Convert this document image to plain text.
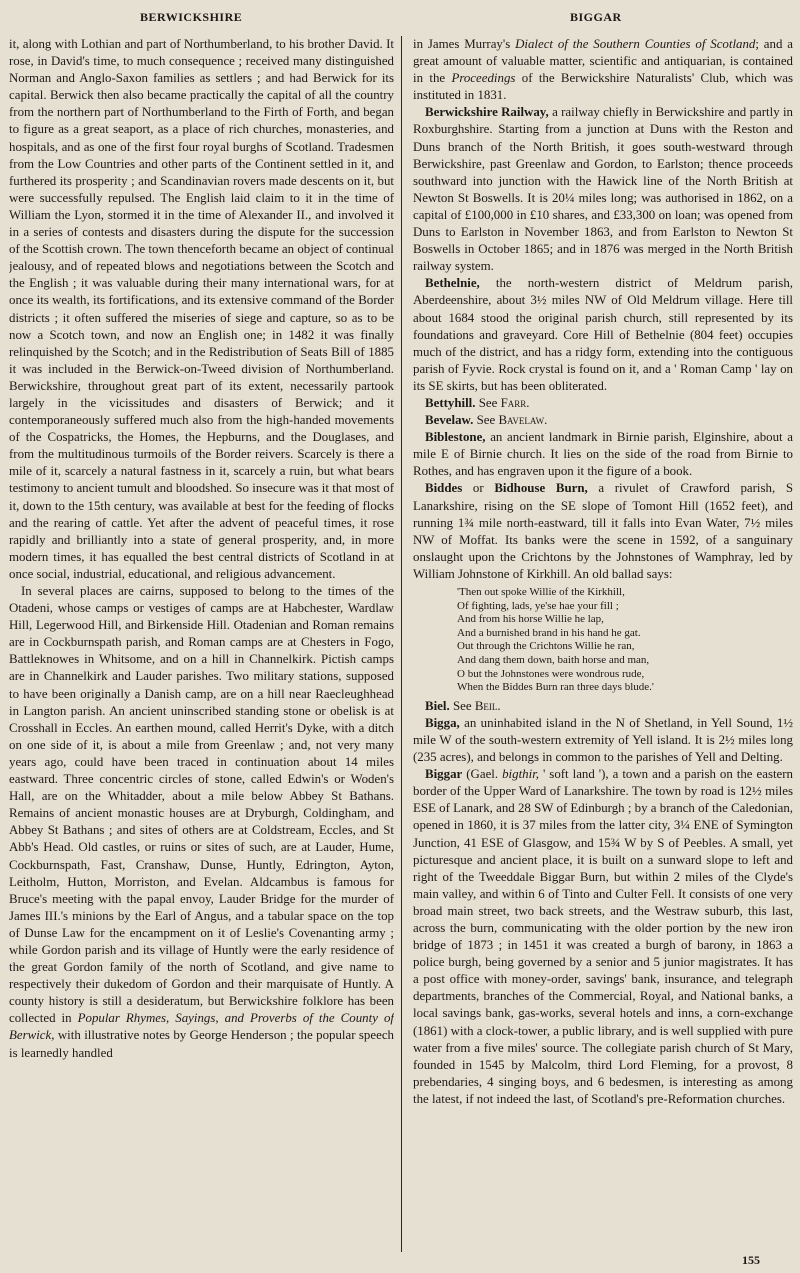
BERWICKSHIRE	BIGGAR

it, along with Lothian and part of Northumberland, to his brother David. It rose, in David's time, to much consequence ; received many distinguished Norman and Anglo-Saxon families as settlers ; and had Berwick for its capital. Berwick then also became practically the capital of all the country from the northern part of Northumberland to the Firth of Forth, and began to figure as a great seaport, as a place of rich churches, monasteries, and hospitals, and as one of the first four royal burghs of Scotland. Tradesmen from the Low Countries and other parts of the Continent settled in it, and furthered its prosperity ; and Scandinavian rovers made descents on it, but were successfully repulsed. The English laid claim to it in the time of William the Lyon, stormed it in the time of Alexander II., and involved it in a series of contests and disasters during the dispute for the succession of the Scottish crown. The town thenceforth became an object of continual jealousy, and of repeated blows and negotiations between the Scotch and the English ; it was valuable during their many international wars, for at once its wealth, its fortifications, and its extensive command of the Border districts ; it often suffered the miseries of siege and capture, so as to be now a Scotch town, and now an English one; in 1482 it was finally relinquished by the Scotch; and in the Redistribution of Seats Bill of 1885 it was included in the Berwick-on-Tweed division of Northumberland. Berwickshire, throughout great part of its extent, necessarily partook largely in the vicissitudes and disasters of Berwick; and it contemporaneously suffered much also from the high-handed movements of the Cospatricks, the Homes, the Hepburns, and the Douglases, and from the multitudinous turmoils of the Border reivers. Scarcely is there a mile of it, scarcely a natural fastness in it, scarcely a ruin, but what bears testimony to ancient tumult and bloodshed. So insecure was it that most of it, down to the 15th century, was available at best for the feeding of flocks and the rearing of cattle. Yet after the advent of peaceful times, it rose rapidly and brilliantly into a state of general prosperity, and, in more modern times, it has equalled the best central districts of Scotland in at once social, industrial, educational, and religious advancement.

In several places are cairns, supposed to belong to the times of the Otadeni, whose camps or vestiges of camps are at Habchester, Wardlaw Hill, Legerwood Hill, and Birkenside Hill. Otadenian and Roman remains are in Cockburnspath parish, and Roman camps are at Chesters in Fogo, Battleknowes in Whitsome, and on a hill in Channelkirk. Pictish camps are in Channelkirk and Lauder parishes. Two military stations, supposed to have been originally a Danish camp, are on a hill near Raecleughhead in Langton parish. An ancient uninscribed standing stone or obelisk is at Crosshall in Eccles. An earthen mound, called Herrit's Dyke, with a ditch on one side of it, is about a mile from Greenlaw ; and, not very many years ago, could have been traced in continuation about 14 miles eastward. Three concentric circles of stone, called Edwin's or Woden's Hall, are on the Whitadder, about a mile below Abbey St Bathans. Remains of ancient monastic houses are at Dryburgh, Coldingham, and Abbey St Bathans ; and sites of others are at Coldstream, Eccles, and St Abb's Head. Old castles, or ruins or sites of such, are at Lauder, Hume, Cockburnspath, Fast, Cranshaw, Dunse, Huntly, Edrington, Ayton, Leitholm, Hutton, Morriston, and Evelan. Aldcambus is famous for Bruce's meeting with the papal envoy, Lauder Bridge for the murder of James III.'s minions by the Earl of Angus, and a tabular space on the top of Dunse Law for the encampment on it of Leslie's Covenanting army ; while Gordon parish and its village of Huntly were the early residence of the great Gordon family of the north of Scotland, and give name to respectively their dukedom of Gordon and their marquisate of Huntly. A county history is still a desideratum, but Berwickshire folklore has been collected in Popular Rhymes, Sayings, and Proverbs of the County of Berwick, with illustrative notes by George Henderson ; the popular speech is learnedly handled

in James Murray's Dialect of the Southern Counties of Scotland; and a great amount of valuable matter, scientific and antiquarian, is contained in the Proceedings of the Berwickshire Naturalists' Club, which was instituted in 1831.

Berwickshire Railway, a railway chiefly in Berwickshire and partly in Roxburghshire. Starting from a junction at Duns with the Reston and Duns branch of the North British, it goes south-westward through Berwickshire, past Greenlaw and Gordon, to Earlston; thence proceeds southward into junction with the Hawick line of the North British at Newton St Boswells. It is 20¼ miles long; was authorised in 1862, on a capital of £100,000 in £10 shares, and £33,300 on loan; was opened from Duns to Earlston in November 1863, and from Earlston to Newton St Boswells in October 1865; and in 1876 was merged in the North British railway system.

Bethelnie, the north-western district of Meldrum parish, Aberdeenshire, about 3½ miles NW of Old Meldrum village. Here till about 1684 stood the original parish church, still represented by its foundations and graveyard. Core Hill of Bethelnie (804 feet) occupies much of the district, and has a ridgy form, extending into the contiguous parish of Fyvie. Rock crystal is found on it, and a ' Roman Camp ' lay on its SE skirts, but has been obliterated.

Bettyhill. See Farr.

Bevelaw. See Bavelaw.

Biblestone, an ancient landmark in Birnie parish, Elginshire, about a mile E of Birnie church. It lies on the side of the road from Birnie to Rothes, and has engraven upon it the figure of a book.

Biddes or Bidhouse Burn, a rivulet of Crawford parish, S Lanarkshire, rising on the SE slope of Tomont Hill (1652 feet), and running 1¾ mile north-eastward, till it falls into Evan Water, 7½ miles NW of Moffat. Its banks were the scene in 1592, of a sanguinary onslaught upon the Crichtons by the Johnstones of Wamphray, led by William Johnstone of Kirkhill. An old ballad says:

'Then out spoke Willie of the Kirkhill,
Of fighting, lads, ye'se hae your fill ;
And from his horse Willie he lap,
And a burnished brand in his hand he gat.
Out through the Crichtons Willie he ran,
And dang them down, baith horse and man,
O but the Johnstones were wondrous rude,
When the Biddes Burn ran three days blude.'

Biel. See Beil.

Bigga, an uninhabited island in the N of Shetland, in Yell Sound, 1½ mile W of the south-western extremity of Yell island. It is 2½ miles long (235 acres), and belongs in common to the parishes of Yell and Delting.

Biggar (Gael. bigthir, ' soft land '), a town and a parish on the eastern border of the Upper Ward of Lanarkshire. The town by road is 12½ miles ESE of Lanark, and 28 SW of Edinburgh ; by a branch of the Caledonian, opened in 1860, it is 37 miles from the latter city, 3¼ ENE of Symington Junction, 41 ESE of Glasgow, and 15¾ W by S of Peebles. A small, yet picturesque and ancient place, it is built on a sunward slope to left and right of the Tweeddale Biggar Burn, but within 2 miles of the Clyde's main valley, and within 6 of Tinto and Culter Fell. It consists of one very broad main street, two back streets, and the Westraw suburb, this last, across the burn, communicating with the older portion by the new iron bridge of 1873 ; in 1451 it was created a burgh of barony, in 1863 a police burgh, being governed by a senior and 5 junior magistrates. It has a post office with money-order, savings' bank, insurance, and telegraph departments, branches of the Commercial, Royal, and National banks, a local savings bank, gas-works, several hotels and inns, a corn-exchange (1861) with a clock-tower, a public library, and is well supplied with pure water from a five miles' source. The collegiate parish church of St Mary, founded in 1545 by Malcolm, third Lord Fleming, for a provost, 8 prebendaries, 4 singing boys, and 6 bedesmen, is interesting as among the latest, if not indeed the last, of Scotland's pre-Reformation churches.

155
